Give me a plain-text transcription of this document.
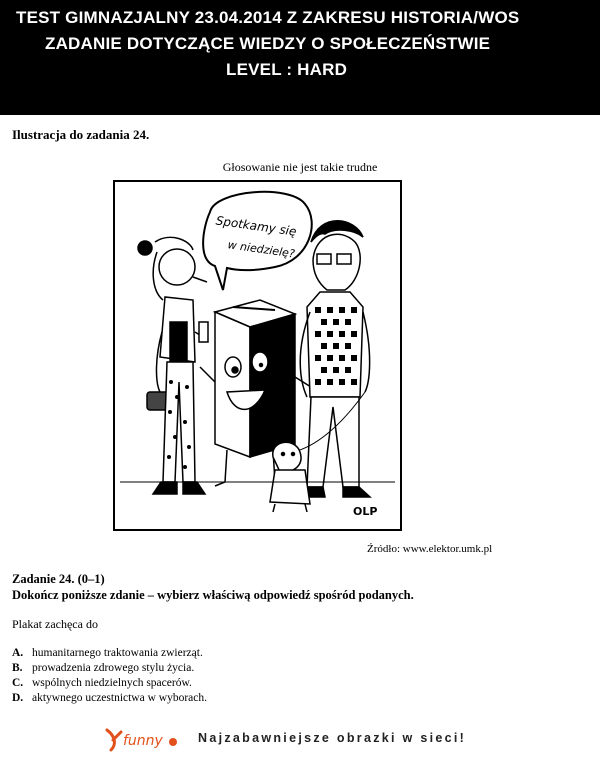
TEST GIMNAZJALNY 23.04.2014 Z ZAKRESU HISTORIA/WOS
ZADANIE DOTYCZĄCE WIEDZY O SPOŁECZEŃSTWIE
LEVEL : HARD
Ilustracja do zadania 24.
Głosowanie nie jest takie trudne
Spotkamy się
w niedzielę?
OLP
Źródło: www.elektor.umk.pl
Zadanie 24. (0–1)
Dokończ poniższe zdanie – wybierz właściwą odpowiedź spośród podanych.
Plakat zachęca do
A. humanitarnego traktowania zwierząt.
B. prowadzenia zdrowego stylu życia.
C. wspólnych niedzielnych spacerów.
D. aktywnego uczestnictwa w wyborach.
funny	Najzabawniejsze obrazki w sieci!
